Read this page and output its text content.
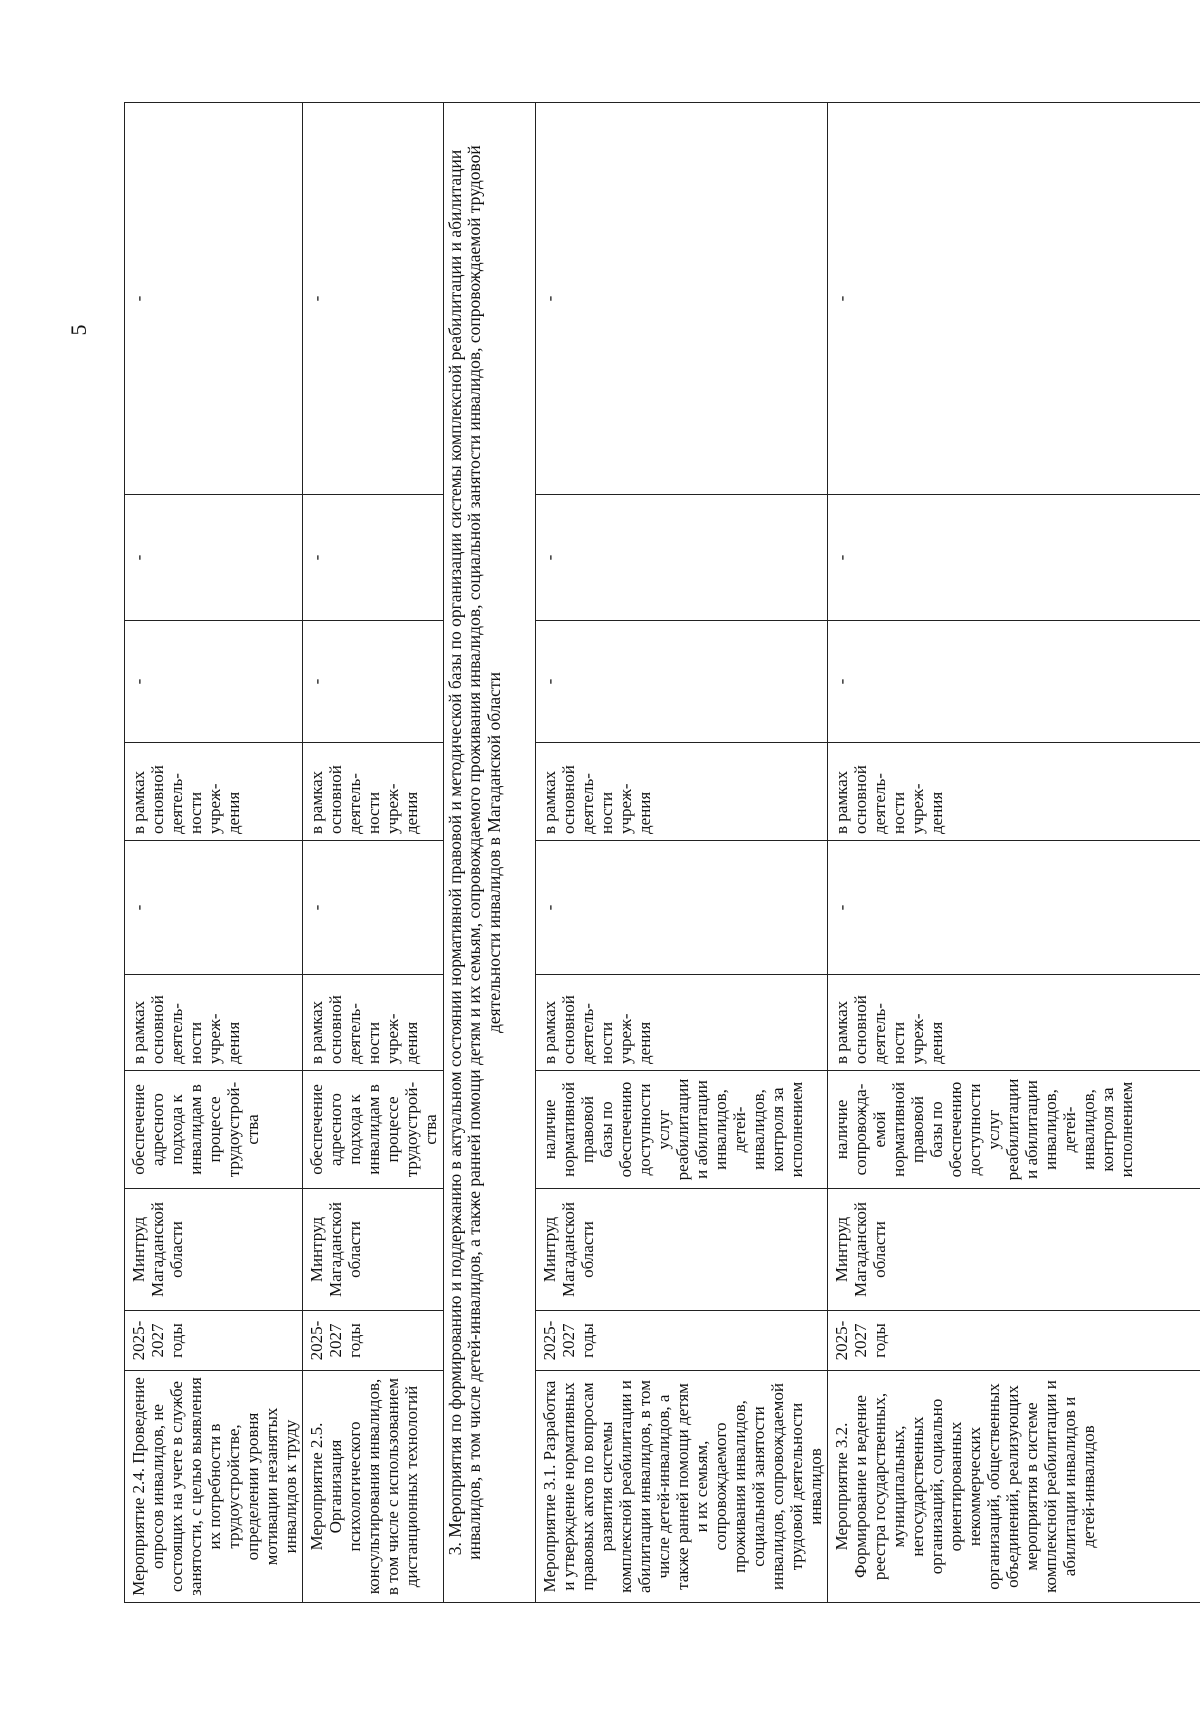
5
Мероприятие 2.4. Проведение опросов инвалидов, не состоящих на учете в службе занятости, с целью выявления их потребности в трудоустройстве, определении уровня мотивации незанятых инвалидов к труду	2025-2027 годы	Минтруд Магаданской области	обеспечение адресного подхода к инвалидам в процессе трудоустрой-ства	в рамках основной деятель-ности учреж-дения	-	в рамках основной деятель-ности учреж-дения	-	-	-
Мероприятие 2.5. Организация психологического консультирования инвалидов, в том числе с использованием дистанционных технологий	2025-2027 годы	Минтруд Магаданской области	обеспечение адресного подхода к инвалидам в процессе трудоустрой-ства	в рамках основной деятель-ности учреж-дения	-	в рамках основной деятель-ности учреж-дения	-	-	-
3. Мероприятия по формированию и поддержанию в актуальном состоянии нормативной правовой и методической базы по организации системы комплексной реабилитации и абилитации инвалидов, в том числе детей-инвалидов, а также ранней помощи детям и их семьям, сопровождаемого проживания инвалидов, социальной занятости инвалидов, сопровождаемой трудовой деятельности инвалидов в Магаданской области									
Мероприятие 3.1. Разработка и утверждение нормативных правовых актов по вопросам развития системы комплексной реабилитации и абилитации инвалидов, в том числе детей-инвалидов, а также ранней помощи детям и их семьям, сопровождаемого проживания инвалидов, социальной занятости инвалидов, сопровождаемой трудовой деятельности инвалидов	2025-2027 годы	Минтруд Магаданской области	наличие нормативной правовой базы по обеспечению доступности услуг реабилитации и абилитации инвалидов, детей-инвалидов, контроля за исполнением	в рамках основной деятель-ности учреж-дения	-	в рамках основной деятель-ности учреж-дения	-	-	-
Мероприятие 3.2. Формирование и ведение реестра государственных, муниципальных, негосударственных организаций, социально ориентированных некоммерческих организаций, общественных объединений, реализующих мероприятия в системе комплексной реабилитации и абилитации инвалидов и детей-инвалидов	2025-2027 годы	Минтруд Магаданской области	наличие сопровожда-емой нормативной правовой базы по обеспечению доступности услуг реабилитации и абилитации инвалидов, детей-инвалидов, контроля за исполнением	в рамках основной деятель-ности учреж-дения	-	в рамках основной деятель-ности учреж-дения	-	-	-
